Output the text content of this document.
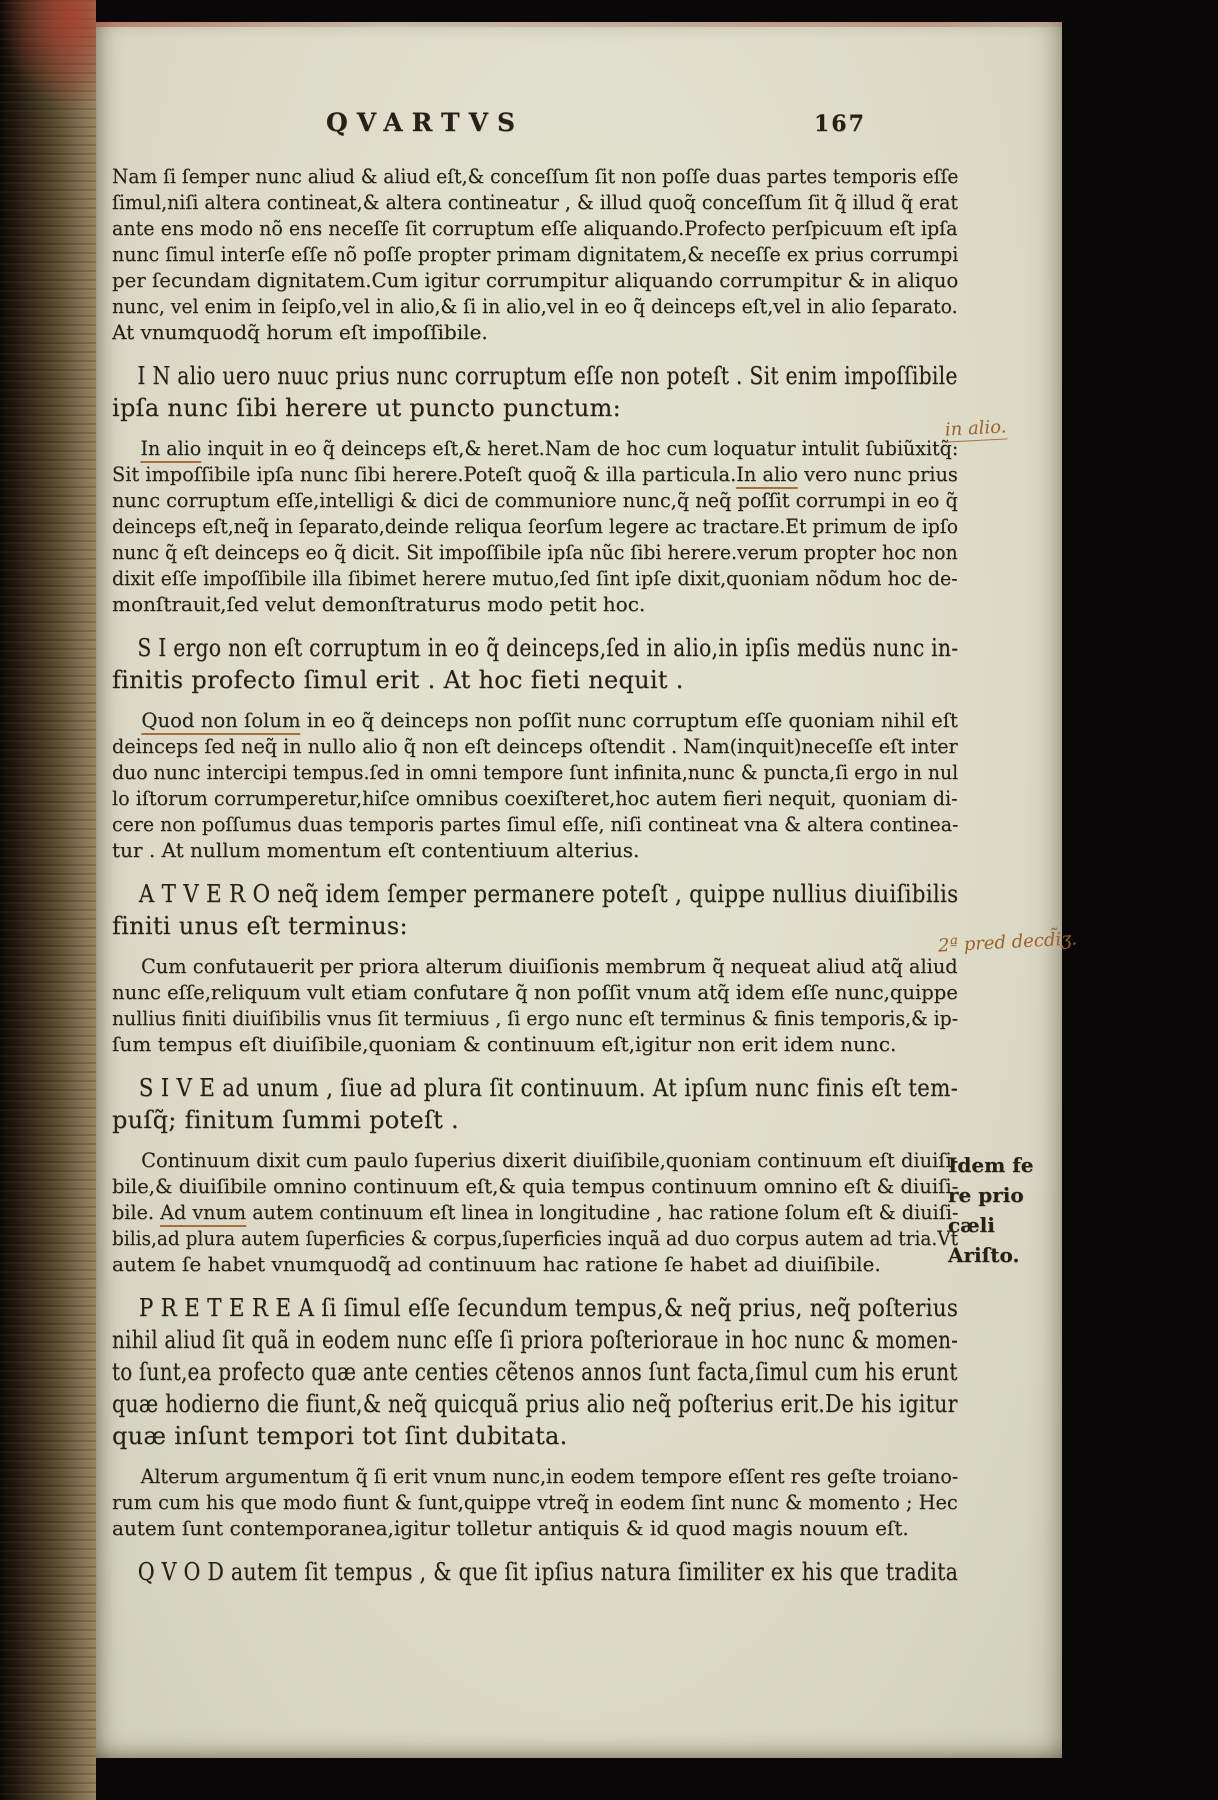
QVARTVS	167
Nam ſi ſemper nunc aliud & aliud eſt,& conceſſum ſit non poſſe duas partes temporis eſſe
ſimul,niſi altera contineat,& altera contineatur , & illud quoq̃ conceſſum ſit q̃ illud q̃ erat
ante ens modo nõ ens neceſſe ſit corruptum eſſe aliquando.Profecto perſpicuum eſt ipſa
nunc ſimul interſe eſſe nõ poſſe propter primam dignitatem,& neceſſe ex prius corrumpi
per ſecundam dignitatem.Cum igitur corrumpitur aliquando corrumpitur & in aliquo
nunc, vel enim in ſeipſo,vel in alio,& ſi in alio,vel in eo q̃ deinceps eſt,vel in alio ſeparato.
At vnumquodq̃ horum eſt impoſſibile.
I N alio uero nuuc prius nunc corruptum eſſe non poteſt . Sit enim impoſſibile
ipſa nunc ſibi herere ut puncto punctum:
In alio inquit in eo q̃ deinceps eſt,& heret.Nam de hoc cum loquatur intulit ſubiũxitq̃:
Sit impoſſibile ipſa nunc ſibi herere.Poteſt quoq̃ & illa particula.In alio vero nunc prius
nunc corruptum eſſe,intelligi & dici de communiore nunc,q̃ neq̃ poſſit corrumpi in eo q̃
deinceps eſt,neq̃ in ſeparato,deinde reliqua ſeorſum legere ac tractare.Et primum de ipſo
nunc q̃ eſt deinceps eo q̃ dicit. Sit impoſſibile ipſa nũc ſibi herere.verum propter hoc non
dixit eſſe impoſſibile illa ſibimet herere mutuo,ſed ſint ipſe dixit,quoniam nõdum hoc de-
monſtrauit,ſed velut demonſtraturus modo petit hoc.
S I ergo non eſt corruptum in eo q̃ deinceps,ſed in alio,in ipſis medüs nunc in-
finitis profecto ſimul erit . At hoc fieti nequit .
Quod non ſolum in eo q̃ deinceps non poſſit nunc corruptum eſſe quoniam nihil eſt
deinceps ſed neq̃ in nullo alio q̃ non eſt deinceps oſtendit . Nam(inquit)neceſſe eſt inter
duo nunc intercipi tempus.ſed in omni tempore ſunt infinita,nunc & puncta,ſi ergo in nul
lo iſtorum corrumperetur,hiſce omnibus coexiſteret,hoc autem fieri nequit, quoniam di-
cere non poſſumus duas temporis partes ſimul eſſe, niſi contineat vna & altera continea-
tur . At nullum momentum eſt contentiuum alterius.
A T V E R O neq̃ idem ſemper permanere poteſt , quippe nullius diuiſibilis
finiti unus eſt terminus:
Cum confutauerit per priora alterum diuiſionis membrum q̃ nequeat aliud atq̃ aliud
nunc eſſe,reliquum vult etiam confutare q̃ non poſſit vnum atq̃ idem eſſe nunc,quippe
nullius finiti diuiſibilis vnus ſit termiuus , ſi ergo nunc eſt terminus & finis temporis,& ip-
ſum tempus eſt diuiſibile,quoniam & continuum eſt,igitur non erit idem nunc.
S I V E ad unum , ſiue ad plura ſit continuum. At ipſum nunc finis eſt tem-
puſq̃; finitum ſummi poteſt .
Continuum dixit cum paulo ſuperius dixerit diuiſibile,quoniam continuum eſt diuiſi-
bile,& diuiſibile omnino continuum eſt,& quia tempus continuum omnino eſt & diuiſi-
bile. Ad vnum autem continuum eſt linea in longitudine , hac ratione ſolum eſt & diuiſi-
bilis,ad plura autem ſuperficies & corpus,ſuperficies inquã ad duo corpus autem ad tria.Vt
autem ſe habet vnumquodq̃ ad continuum hac ratione ſe habet ad diuiſibile.
P R E T E R E A ſi ſimul eſſe ſecundum tempus,& neq̃ prius, neq̃ poſterius
nihil aliud ſit quã in eodem nunc eſſe ſi priora poſterioraue in hoc nunc & momen-
to ſunt,ea profecto quæ ante centies cẽtenos annos ſunt facta,ſimul cum his erunt
quæ hodierno die fiunt,& neq̃ quicquã prius alio neq̃ poſterius erit.De his igitur
quæ inſunt tempori tot ſint dubitata.
Alterum argumentum q̃ ſi erit vnum nunc,in eodem tempore eſſent res geſte troiano-
rum cum his que modo fiunt & ſunt,quippe vtreq̃ in eodem ſint nunc & momento ; Hec
autem ſunt contemporanea,igitur tolletur antiquis & id quod magis nouum eſt.
Q V O D autem ſit tempus , & que ſit ipſius natura ſimiliter ex his que tradita
in alio.
2ª pred decd̃iʒ.
Idem fe
re prio
cæli
Ariſto.
